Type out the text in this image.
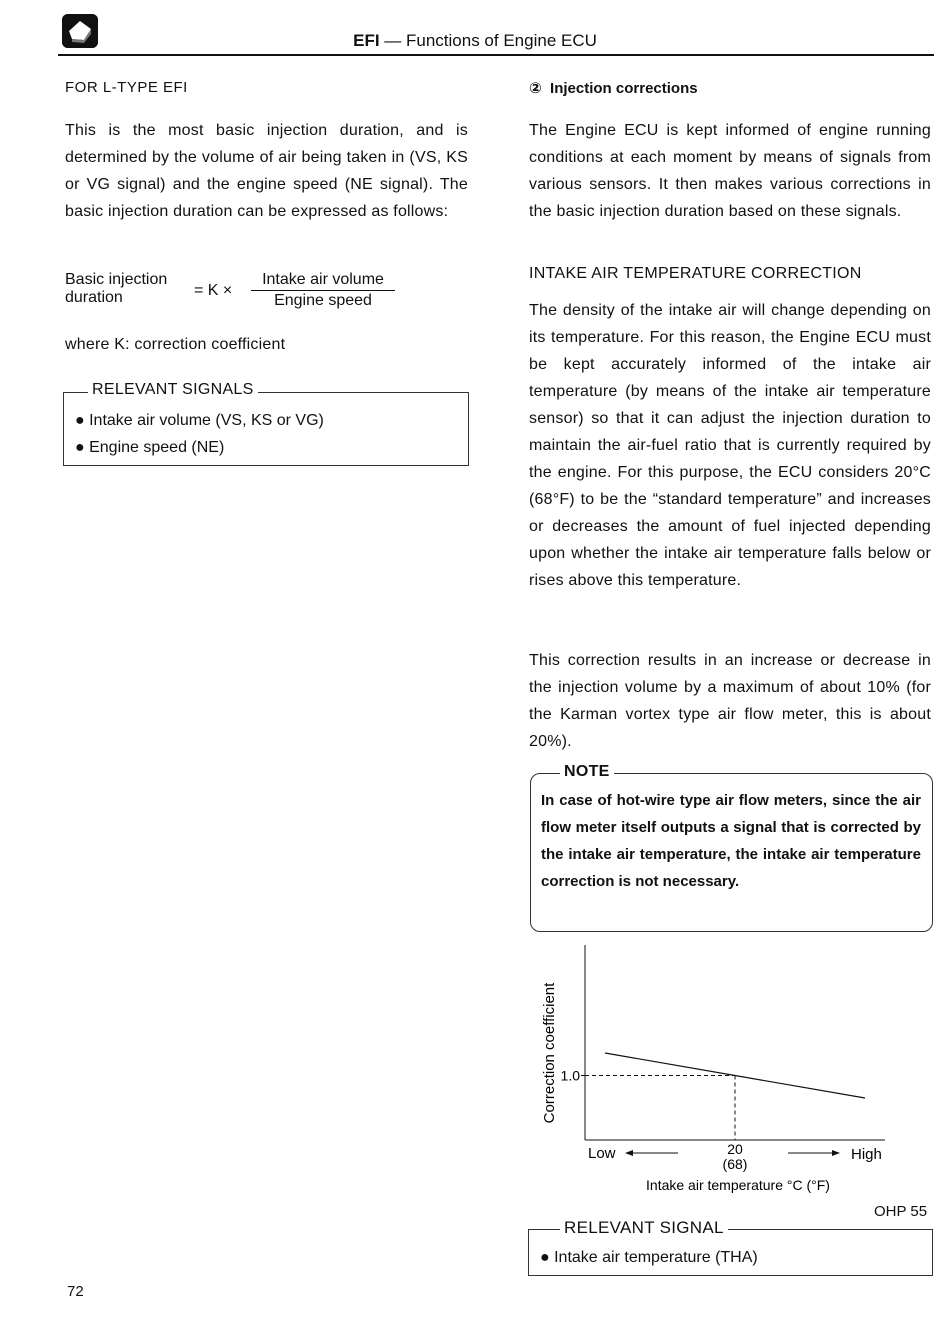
EFI — Functions of Engine ECU
FOR L-TYPE EFI
This is the most basic injection duration, and is determined by the volume of air being taken in (VS, KS or VG signal) and the engine speed (NE signal). The basic injection duration can be expressed as follows:
Basic injection
duration	= K ×
Intake air volume
Engine speed
where K: correction coefficient
RELEVANT SIGNALS
● Intake air volume (VS, KS or VG)
● Engine speed (NE)
② Injection corrections
The Engine ECU is kept informed of engine running conditions at each moment by means of signals from various sensors. It then makes various corrections in the basic injection duration based on these signals.
INTAKE AIR TEMPERATURE CORRECTION
The density of the intake air will change depending on its temperature. For this reason, the Engine ECU must be kept accurately informed of the intake air temperature (by means of the intake air temperature sensor) so that it can adjust the injection duration to maintain the air-fuel ratio that is currently required by the engine. For this purpose, the ECU considers 20°C (68°F) to be the “standard temperature” and increases or decreases the amount of fuel injected depending upon whether the intake air temperature falls below or rises above this temperature.
This correction results in an increase or decrease in the injection volume by a maximum of about 10% (for the Karman vortex type air flow meter, this is about 20%).
NOTE
In case of hot-wire type air flow meters, since the air flow meter itself outputs a signal that is corrected by the intake air temperature, the intake air temperature correction is not necessary.
1.0
Correction coefficient
20
(68)
Low	High
Intake air temperature °C (°F)
OHP 55
RELEVANT SIGNAL
● Intake air temperature (THA)
72
